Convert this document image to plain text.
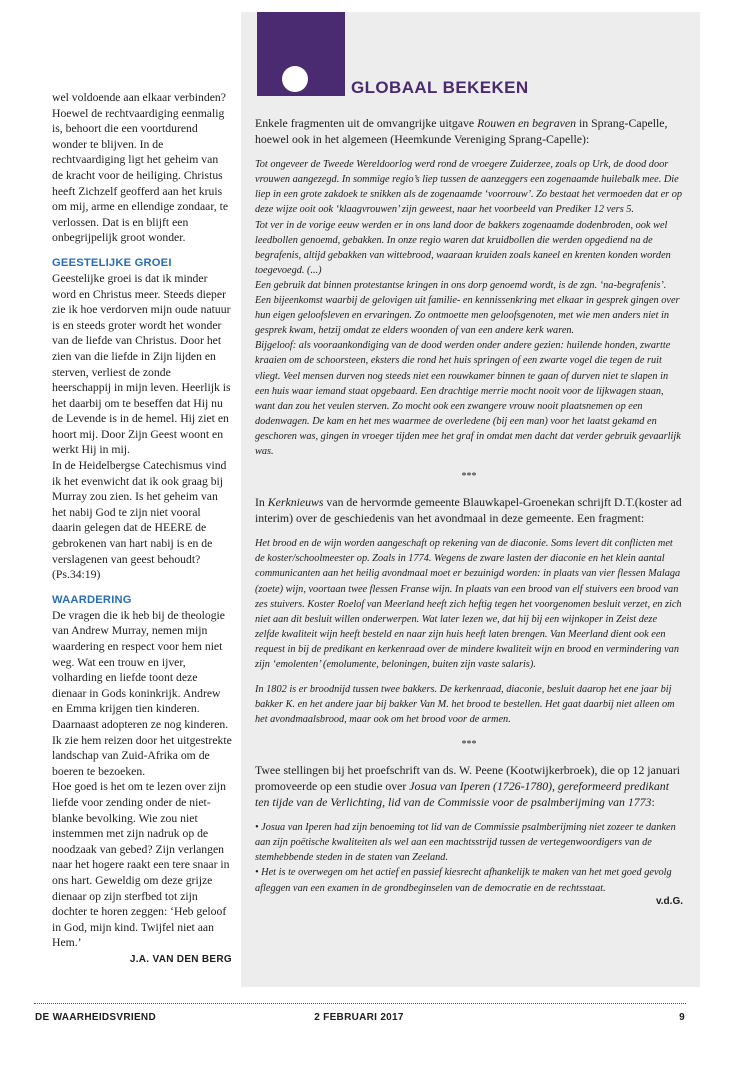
wel voldoende aan elkaar verbinden? Hoewel de rechtvaardiging eenmalig is, behoort die een voortdurend wonder te blijven. In de rechtvaardiging ligt het geheim van de kracht voor de heiliging. Christus heeft Zichzelf geofferd aan het kruis om mij, arme en ellendige zondaar, te verlossen. Dat is en blijft een onbegrijpelijk groot wonder.

GEESTELIJKE GROEI

Geestelijke groei is dat ik minder word en Christus meer. Steeds dieper zie ik hoe verdorven mijn oude natuur is en steeds groter wordt het wonder van de liefde van Christus. Door het zien van die liefde in Zijn lijden en sterven, verliest de zonde heerschappij in mijn leven. Heerlijk is het daarbij om te beseffen dat Hij nu de Levende is in de hemel. Hij ziet en hoort mij. Door Zijn Geest woont en werkt Hij in mij.

In de Heidelbergse Catechismus vind ik het evenwicht dat ik ook graag bij Murray zou zien. Is het geheim van het nabij God te zijn niet vooral daarin gelegen dat de HEERE de gebrokenen van hart nabij is en de verslagenen van geest behoudt? (Ps.34:19)

WAARDERING

De vragen die ik heb bij de theologie van Andrew Murray, nemen mijn waardering en respect voor hem niet weg. Wat een trouw en ijver, volharding en liefde toont deze dienaar in Gods koninkrijk. Andrew en Emma krijgen tien kinderen. Daarnaast adopteren ze nog kinderen. Ik zie hem reizen door het uitgestrekte landschap van Zuid-Afrika om de boeren te bezoeken.

Hoe goed is het om te lezen over zijn liefde voor zending onder de niet-blanke bevolking. Wie zou niet instemmen met zijn nadruk op de noodzaak van gebed? Zijn verlangen naar het hogere raakt een tere snaar in ons hart. Geweldig om deze grijze dienaar op zijn sterfbed tot zijn dochter te horen zeggen: ‘Heb geloof in God, mijn kind. Twijfel niet aan Hem.’

J.A. VAN DEN BERG

GLOBAAL BEKEKEN

Enkele fragmenten uit de omvangrijke uitgave Rouwen en begraven in Sprang-Capelle, hoewel ook in het algemeen (Heemkunde Vereniging Sprang-Capelle):

Tot ongeveer de Tweede Wereldoorlog werd rond de vroegere Zuiderzee, zoals op Urk, de dood door vrouwen aangezegd. In sommige regio’s liep tussen de aanzeggers een zogenaamde huilebalk mee. Die liep in een grote zakdoek te snikken als de zogenaamde ‘voorrouw’. Zo bestaat het vermoeden dat er op deze wijze ooit ook ‘klaagvrouwen’ zijn geweest, naar het voorbeeld van Prediker 12 vers 5.

Tot ver in de vorige eeuw werden er in ons land door de bakkers zogenaamde dodenbroden, ook wel leedbollen genoemd, gebakken. In onze regio waren dat kruidbollen die werden opgediend na de begrafenis, altijd gebakken van wittebrood, waaraan kruiden zoals kaneel en krenten konden worden toegevoegd. (...)

Een gebruik dat binnen protestantse kringen in ons dorp genoemd wordt, is de zgn. ‘na-begrafenis’. Een bijeenkomst waarbij de gelovigen uit familie- en kennissenkring met elkaar in gesprek gingen over hun eigen geloofsleven en ervaringen. Zo ontmoette men geloofsgenoten, met wie men anders niet in gesprek kwam, hetzij omdat ze elders woonden of van een andere kerk waren.

Bijgeloof: als vooraankondiging van de dood werden onder andere gezien: huilende honden, zwartte kraaien om de schoorsteen, eksters die rond het huis springen of een zwarte vogel die tegen de ruit vliegt. Veel mensen durven nog steeds niet een rouwkamer binnen te gaan of durven niet te slapen in een huis waar iemand staat opgebaard. Een drachtige merrie mocht nooit voor de lijkwagen staan, want dan zou het veulen sterven. Zo mocht ook een zwangere vrouw nooit plaatsnemen op een dodenwagen. De kam en het mes waarmee de overledene (bij een man) voor het laatst gekamd en geschoren was, gingen in vroeger tijden mee het graf in omdat men dacht dat verder gebruik gevaarlijk was.

***

In Kerknieuws van de hervormde gemeente Blauwkapel-Groenekan schrijft D.T.(koster ad interim) over de geschiedenis van het avondmaal in deze gemeente. Een fragment:

Het brood en de wijn worden aangeschaft op rekening van de diaconie. Soms levert dit conflicten met de koster/schoolmeester op. Zoals in 1774. Wegens de zware lasten der diaconie en het klein aantal communicanten aan het heilig avondmaal moet er bezuinigd worden: in plaats van vier flessen Malaga (zoete) wijn, voortaan twee flessen Franse wijn. In plaats van een brood van elf stuivers een brood van zes stuivers. Koster Roelof van Meerland heeft zich heftig tegen het voorgenomen besluit verzet, en zich niet aan dit besluit willen onderwerpen. Wat later lezen we, dat hij bij een wijnkoper in Zeist deze zelfde kwaliteit wijn heeft besteld en naar zijn huis heeft laten brengen. Van Meerland dient ook een request in bij de predikant en kerkenraad over de mindere kwaliteit wijn en brood en vermindering van zijn ‘emolenten’ (emolumente, beloningen, buiten zijn vaste salaris).

In 1802 is er broodnijd tussen twee bakkers. De kerkenraad, diaconie, besluit daarop het ene jaar bij bakker K. en het andere jaar bij bakker Van M. het brood te bestellen. Het gaat daarbij niet alleen om het avondmaalsbrood, maar ook om het brood voor de armen.

***

Twee stellingen bij het proefschrift van ds. W. Peene (Kootwijkerbroek), die op 12 januari promoveerde op een studie over Josua van Iperen (1726-1780), gereformeerd predikant ten tijde van de Verlichting, lid van de Commissie voor de psalmberijming van 1773:

• Josua van Iperen had zijn benoeming tot lid van de Commissie psalmberijming niet zozeer te danken aan zijn poëtische kwaliteiten als wel aan een machtsstrijd tussen de vertegenwoordigers van de stemhebbende steden in de staten van Zeeland.

• Het is te overwegen om het actief en passief kiesrecht afhankelijk te maken van het met goed gevolg afleggen van een examen in de grondbeginselen van de democratie en de rechtsstaat.

v.d.G.

DE WAARHEIDSVRIEND	2 FEBRUARI 2017	9
